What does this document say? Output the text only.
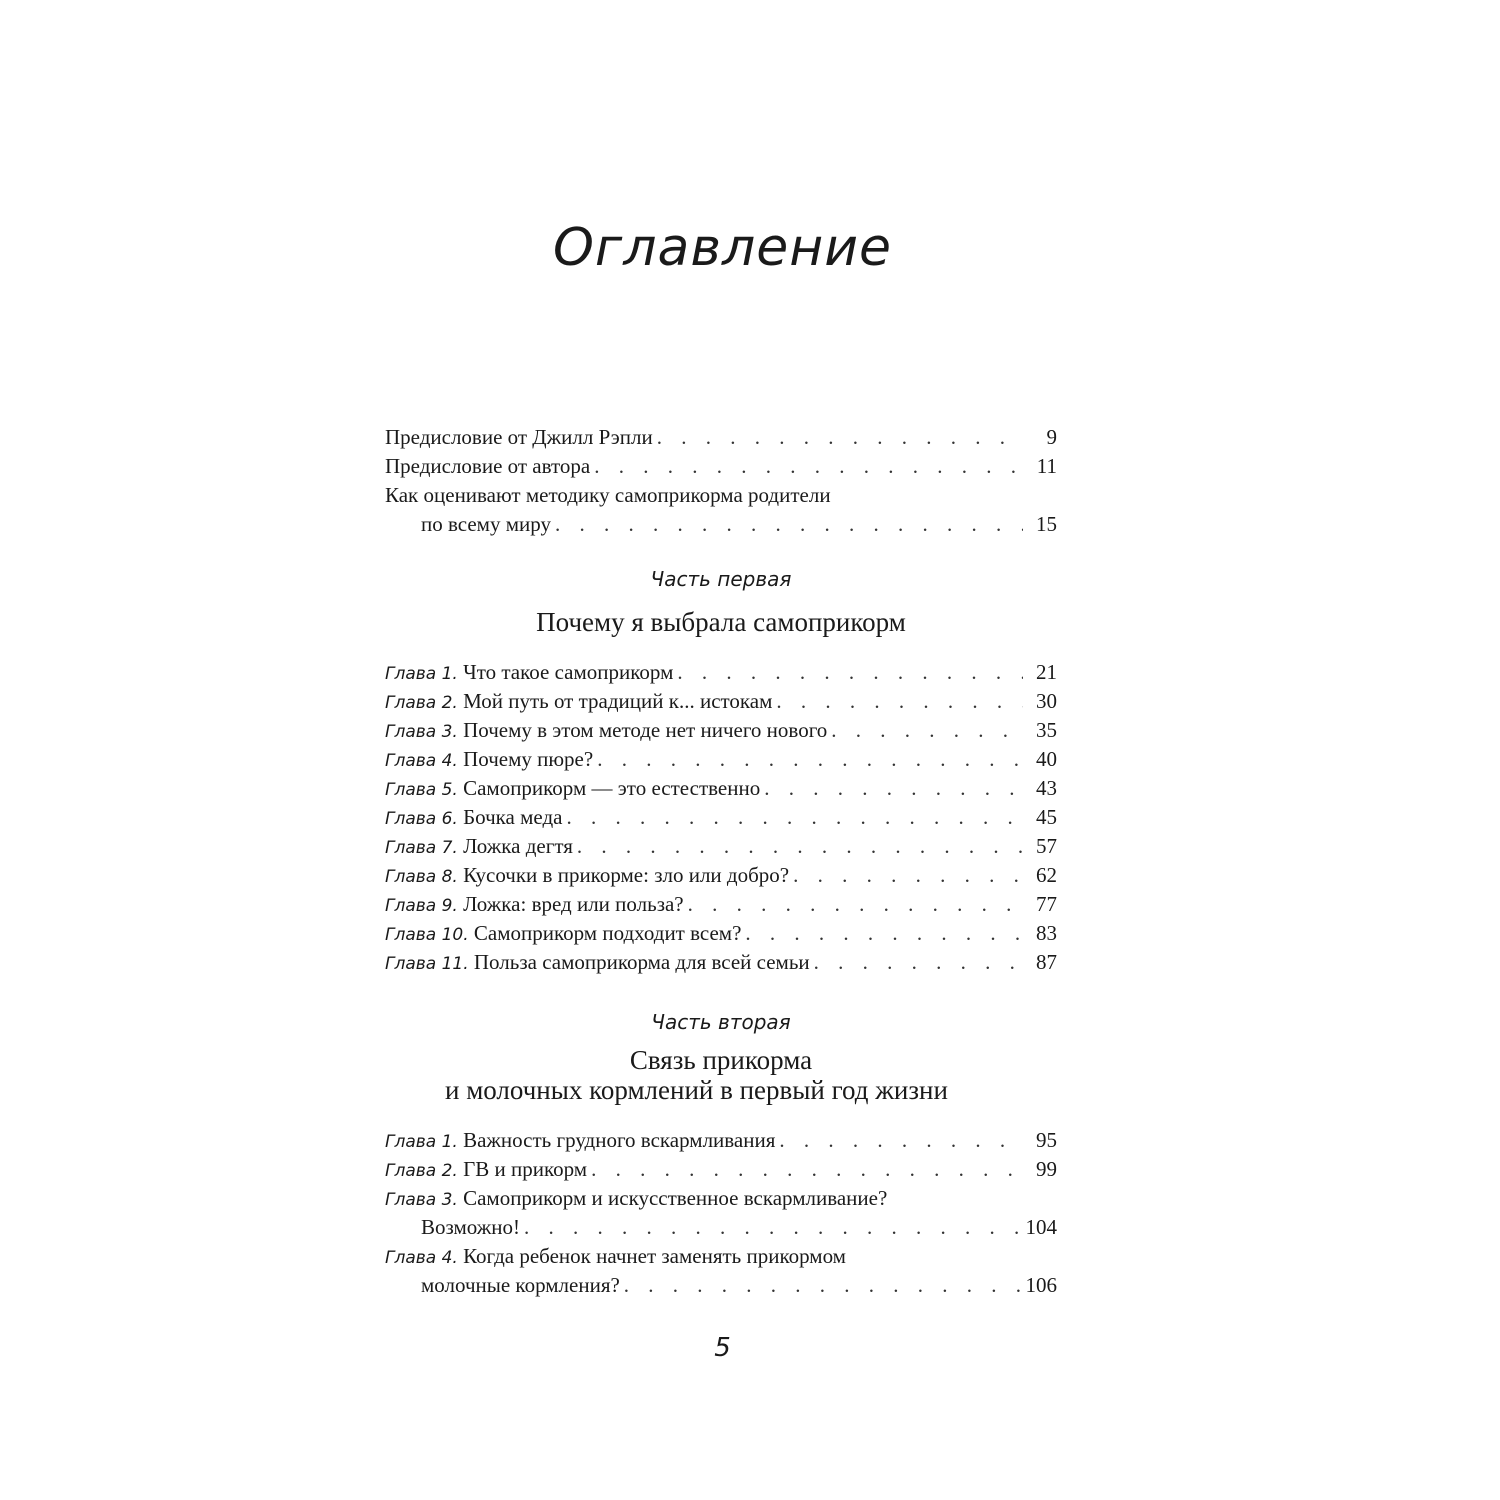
Оглавление
Предисловие от Джилл Рэпли . . .	9
Предисловие от автора . . .	11
Как оценивают методику самоприкорма родители
по всему миру . . .	15
Часть первая
Почему я выбрала самоприкорм
Глава 1. Что такое самоприкорм . . .	21
Глава 2. Мой путь от традиций к... истокам . . .	30
Глава 3. Почему в этом методе нет ничего нового . . .	35
Глава 4. Почему пюре? . . .	40
Глава 5. Самоприкорм — это естественно . . .	43
Глава 6. Бочка меда . . .	45
Глава 7. Ложка дегтя . . .	57
Глава 8. Кусочки в прикорме: зло или добро? . . .	62
Глава 9. Ложка: вред или польза? . . .	77
Глава 10. Самоприкорм подходит всем? . . .	83
Глава 11. Польза самоприкорма для всей семьи . . .	87
Часть вторая
Связь прикорма
и молочных кормлений в первый год жизни
Глава 1. Важность грудного вскармливания . . .	95
Глава 2. ГВ и прикорм . . .	99
Глава 3. Самоприкорм и искусственное вскармливание?
Возможно! . . .	104
Глава 4. Когда ребенок начнет заменять прикормом
молочные кормления? . . .	106
5
